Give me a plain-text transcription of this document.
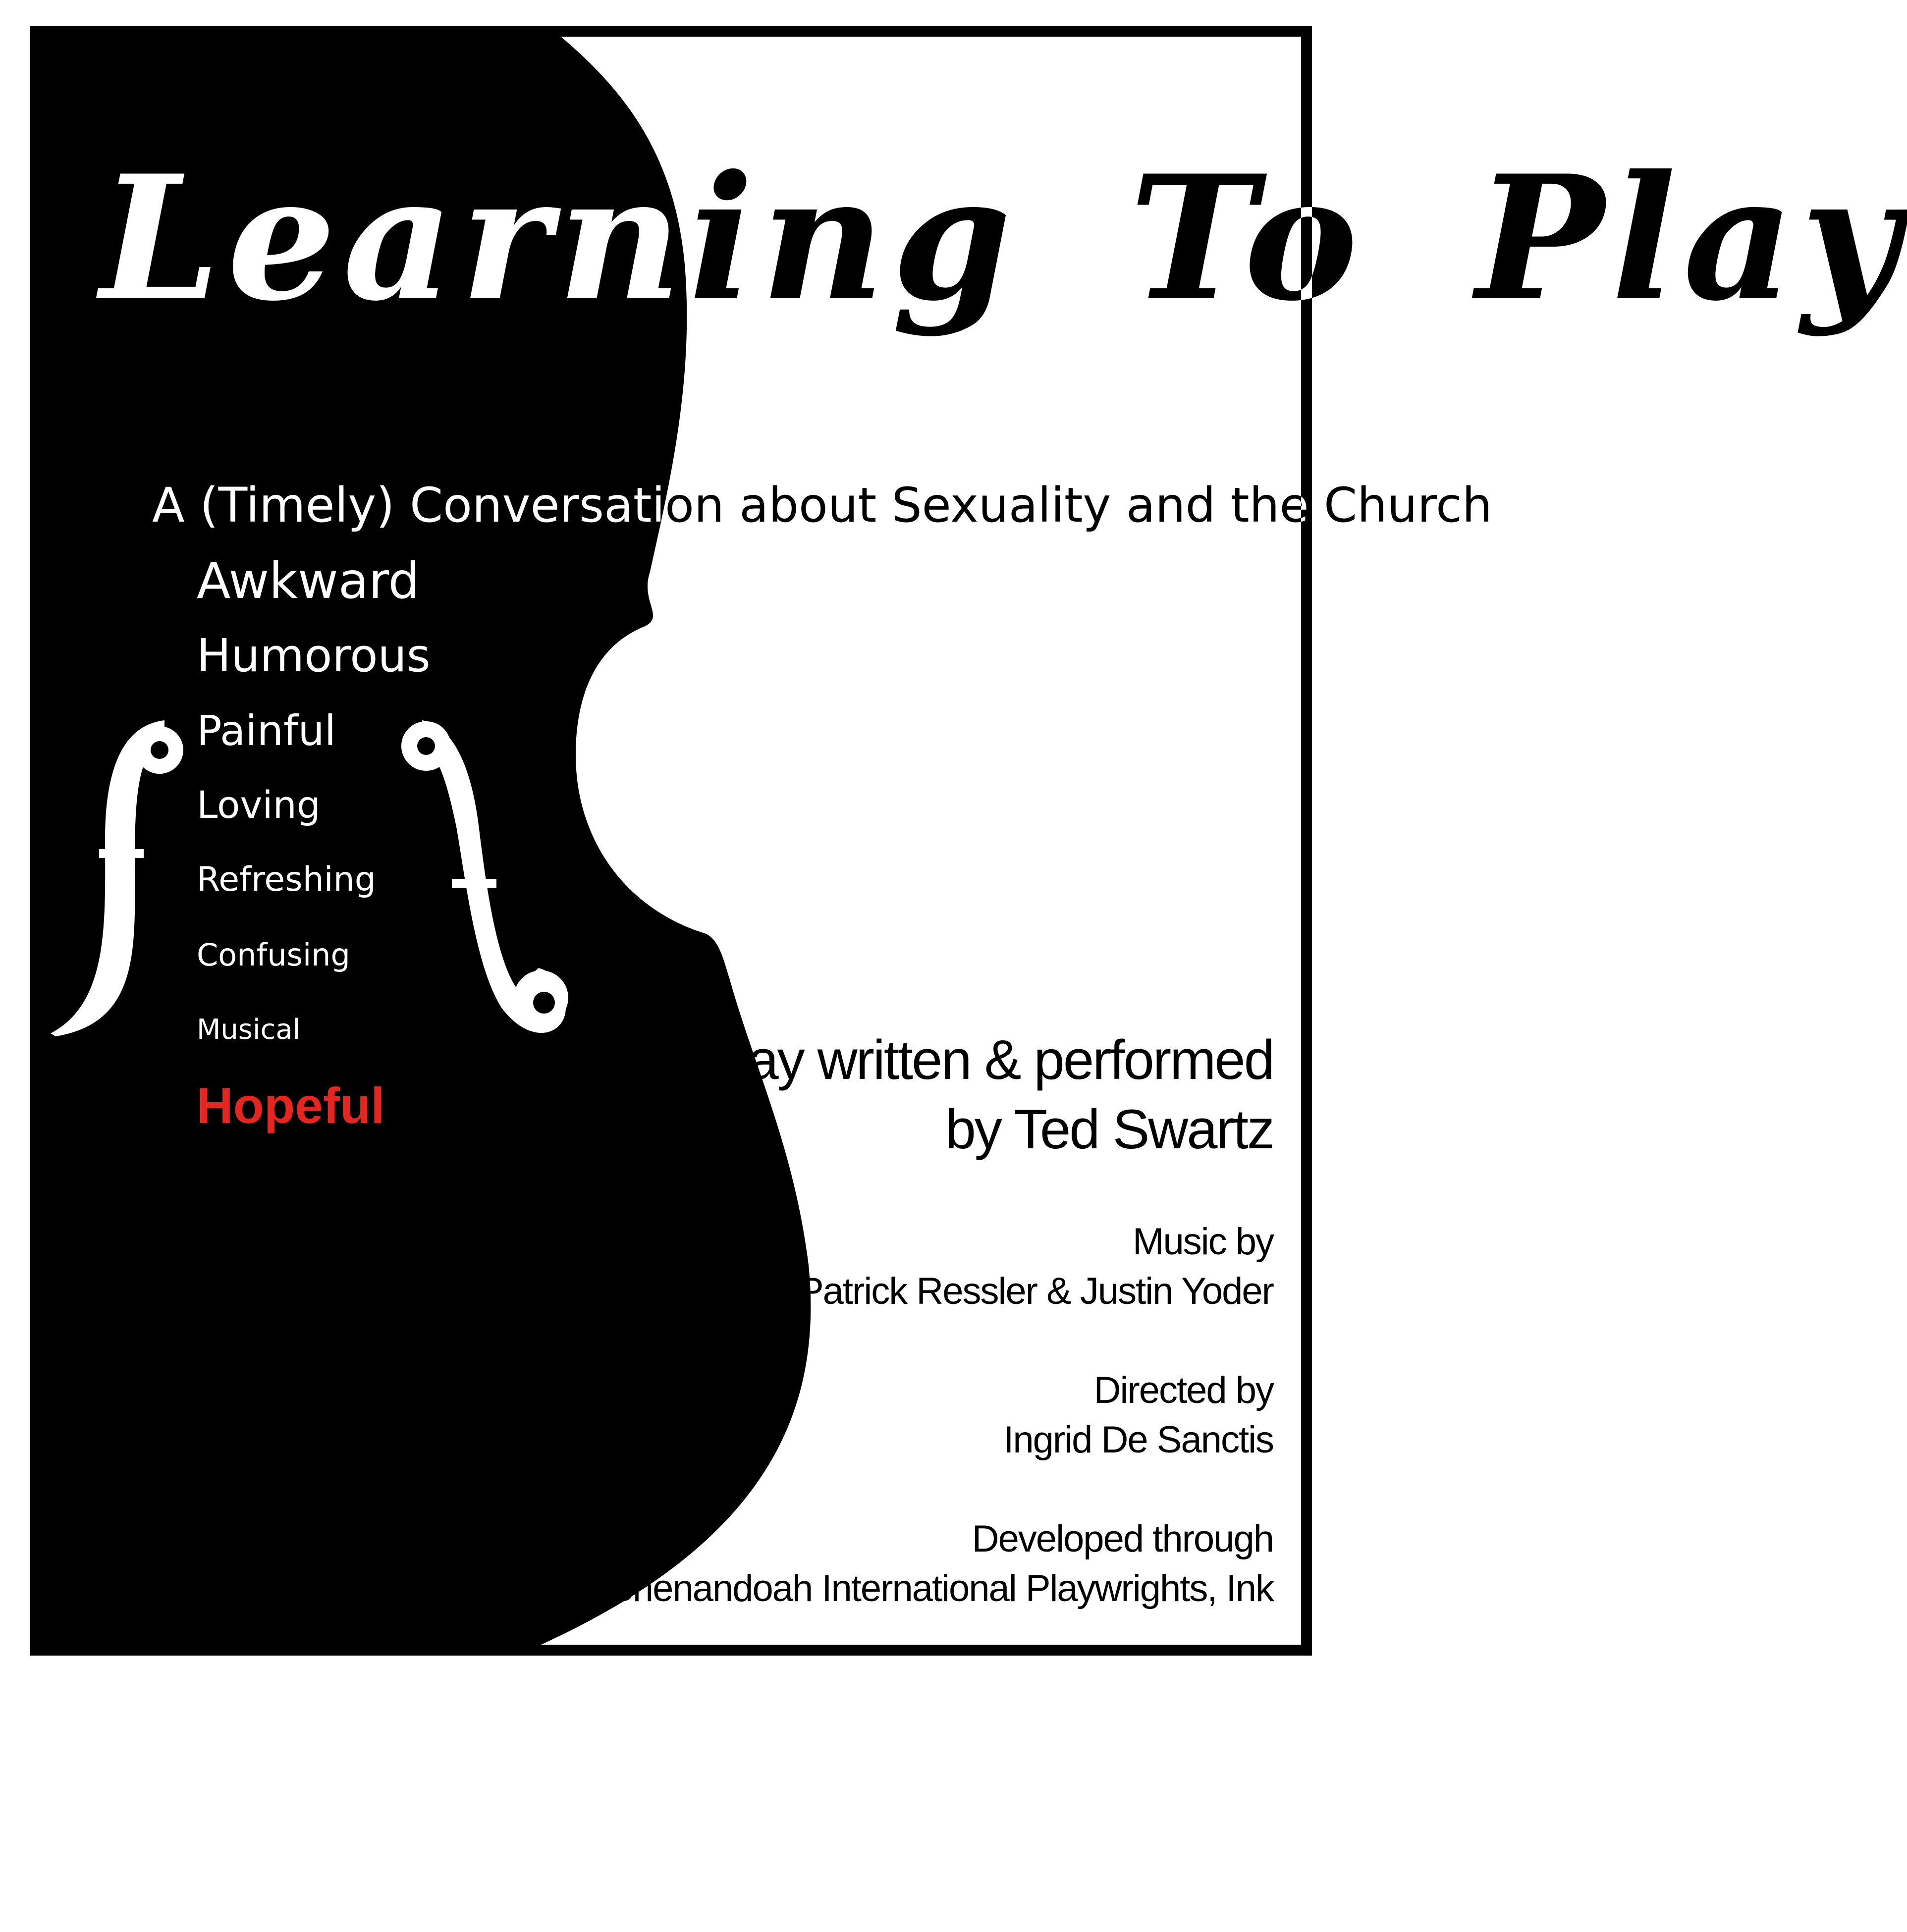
Learning To Play

A (Timely) Conversation about Sexuality and the Church

Awkward

Humorous

Painful

Loving

Refreshing

Confusing

Musical

Hopeful

A play written & performed

by Ted Swartz

Music by

Patrick Ressler & Justin Yoder

Directed by

Ingrid De Sanctis

Developed through

Shenandoah International Playwrights, Ink
